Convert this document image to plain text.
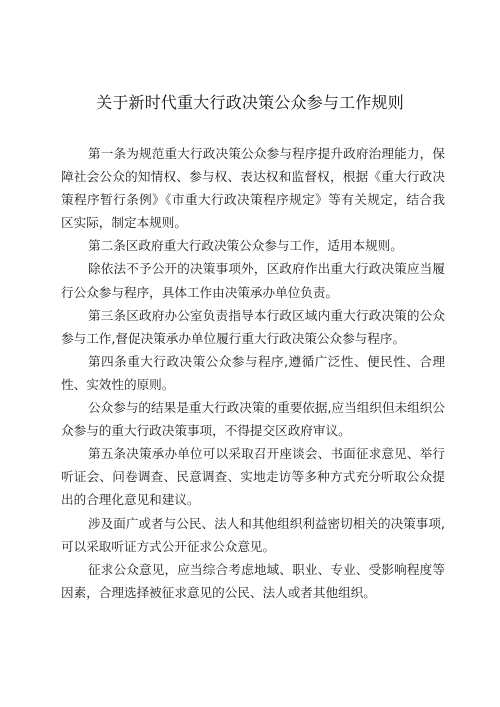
关于新时代重大行政决策公众参与工作规则

第一条为规范重大行政决策公众参与程序提升政府治理能力，保障社会公众的知情权、参与权、表达权和监督权，根据《重大行政决策程序暂行条例》《市重大行政决策程序规定》等有关规定，结合我区实际，制定本规则。

第二条区政府重大行政决策公众参与工作，适用本规则。

除依法不予公开的决策事项外，区政府作出重大行政决策应当履行公众参与程序，具体工作由决策承办单位负责。

第三条区政府办公室负责指导本行政区域内重大行政决策的公众参与工作,督促决策承办单位履行重大行政决策公众参与程序。

第四条重大行政决策公众参与程序,遵循广泛性、便民性、合理性、实效性的原则。

公众参与的结果是重大行政决策的重要依据,应当组织但未组织公众参与的重大行政决策事项，不得提交区政府审议。

第五条决策承办单位可以采取召开座谈会、书面征求意见、举行听证会、问卷调查、民意调查、实地走访等多种方式充分听取公众提出的合理化意见和建议。

涉及面广或者与公民、法人和其他组织利益密切相关的决策事项,可以采取听证方式公开征求公众意见。

征求公众意见，应当综合考虑地域、职业、专业、受影响程度等因素，合理选择被征求意见的公民、法人或者其他组织。
